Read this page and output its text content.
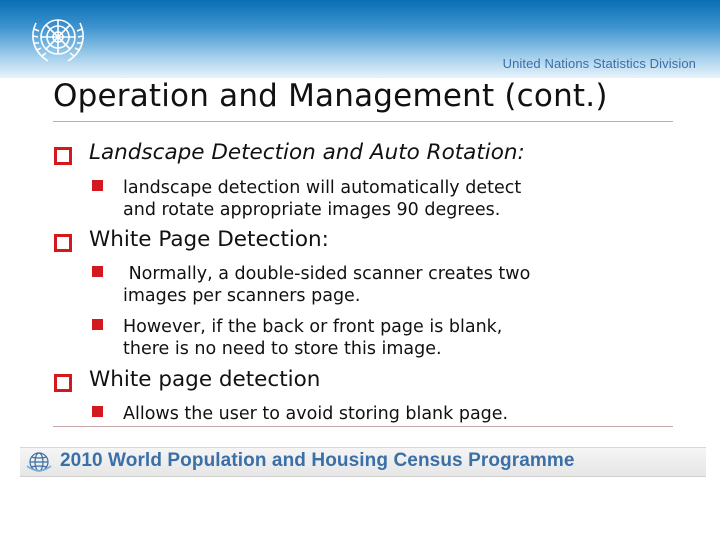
United Nations Statistics Division
Operation and Management (cont.)
Landscape Detection and Auto Rotation:
landscape detection will automatically detect
and rotate appropriate images 90 degrees.
White Page Detection:
Normally, a double-sided scanner creates two
images per scanners page.
However, if the back or front page is blank,
there is no need to store this image.
White page detection
Allows the user to avoid storing blank page.
2010 World Population and Housing Census Programme
